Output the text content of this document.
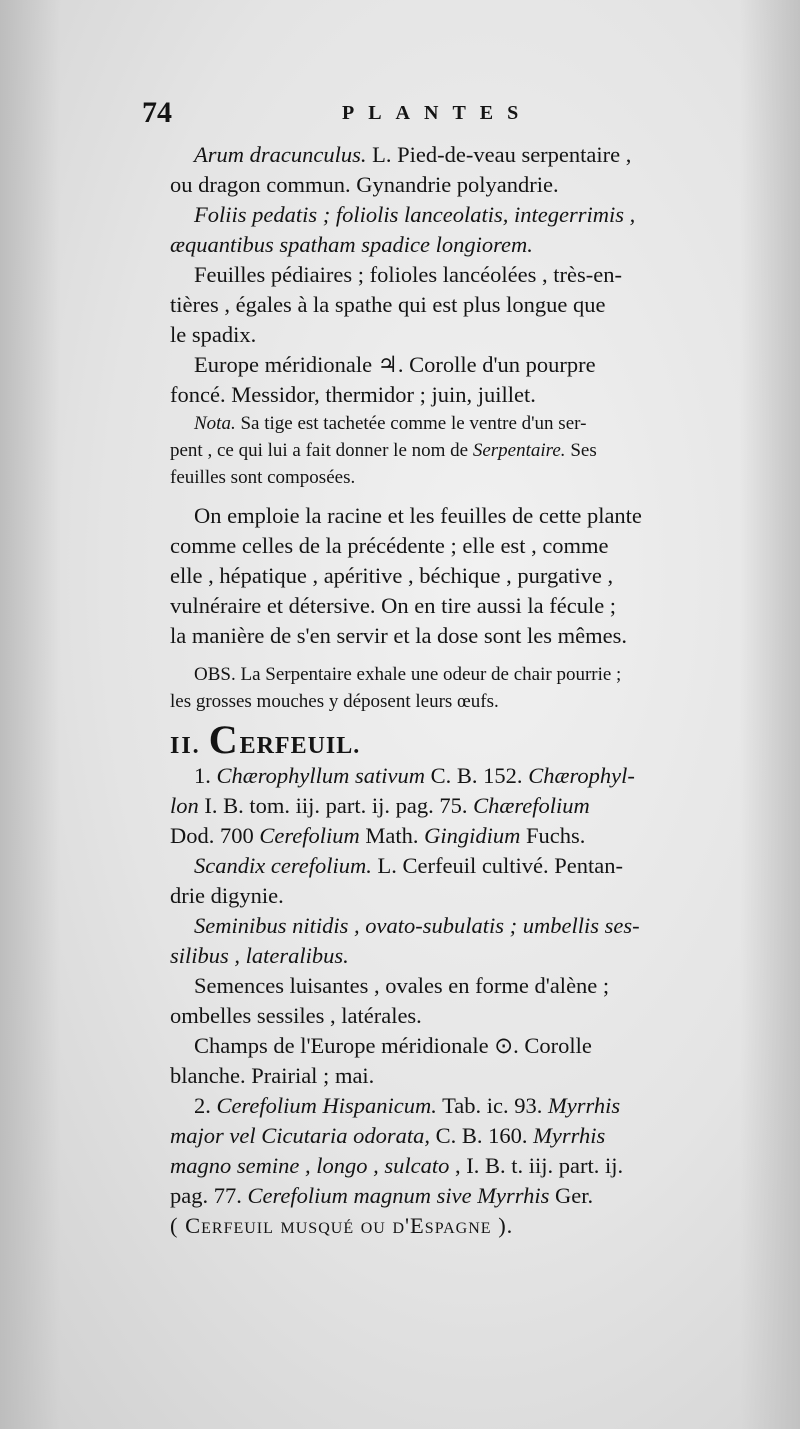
74	PLANTES
Arum dracunculus. L. Pied-de-veau serpentaire ,
ou dragon commun. Gynandrie polyandrie.
Foliis pedatis ; foliolis lanceolatis, integerrimis ,
æquantibus spatham spadice longiorem.
Feuilles pédiaires ; folioles lancéolées , très-en-
tières , égales à la spathe qui est plus longue que
le spadix.
Europe méridionale ♃. Corolle d'un pourpre
foncé. Messidor, thermidor ; juin, juillet.
Nota. Sa tige est tachetée comme le ventre d'un ser-
pent , ce qui lui a fait donner le nom de Serpentaire. Ses
feuilles sont composées.
On emploie la racine et les feuilles de cette plante
comme celles de la précédente ; elle est , comme
elle , hépatique , apéritive , béchique , purgative ,
vulnéraire et détersive. On en tire aussi la fécule ;
la manière de s'en servir et la dose sont les mêmes.
OBS. La Serpentaire exhale une odeur de chair pourrie ;
les grosses mouches y déposent leurs œufs.
II. CERFEUIL.
1. Chærophyllum sativum C. B. 152. Chærophyl-
lon I. B. tom. iij. part. ij. pag. 75. Chærefolium
Dod. 700 Cerefolium Math. Gingidium Fuchs.
Scandix cerefolium. L. Cerfeuil cultivé. Pentan-
drie digynie.
Seminibus nitidis , ovato-subulatis ; umbellis ses-
silibus , lateralibus.
Semences luisantes , ovales en forme d'alène ;
ombelles sessiles , latérales.
Champs de l'Europe méridionale ⊙. Corolle
blanche. Prairial ; mai.
2. Cerefolium Hispanicum. Tab. ic. 93. Myrrhis
major vel Cicutaria odorata, C. B. 160. Myrrhis
magno semine , longo , sulcato , I. B. t. iij. part. ij.
pag. 77. Cerefolium magnum sive Myrrhis Ger.
( Cerfeuil musqué ou d'Espagne ).
